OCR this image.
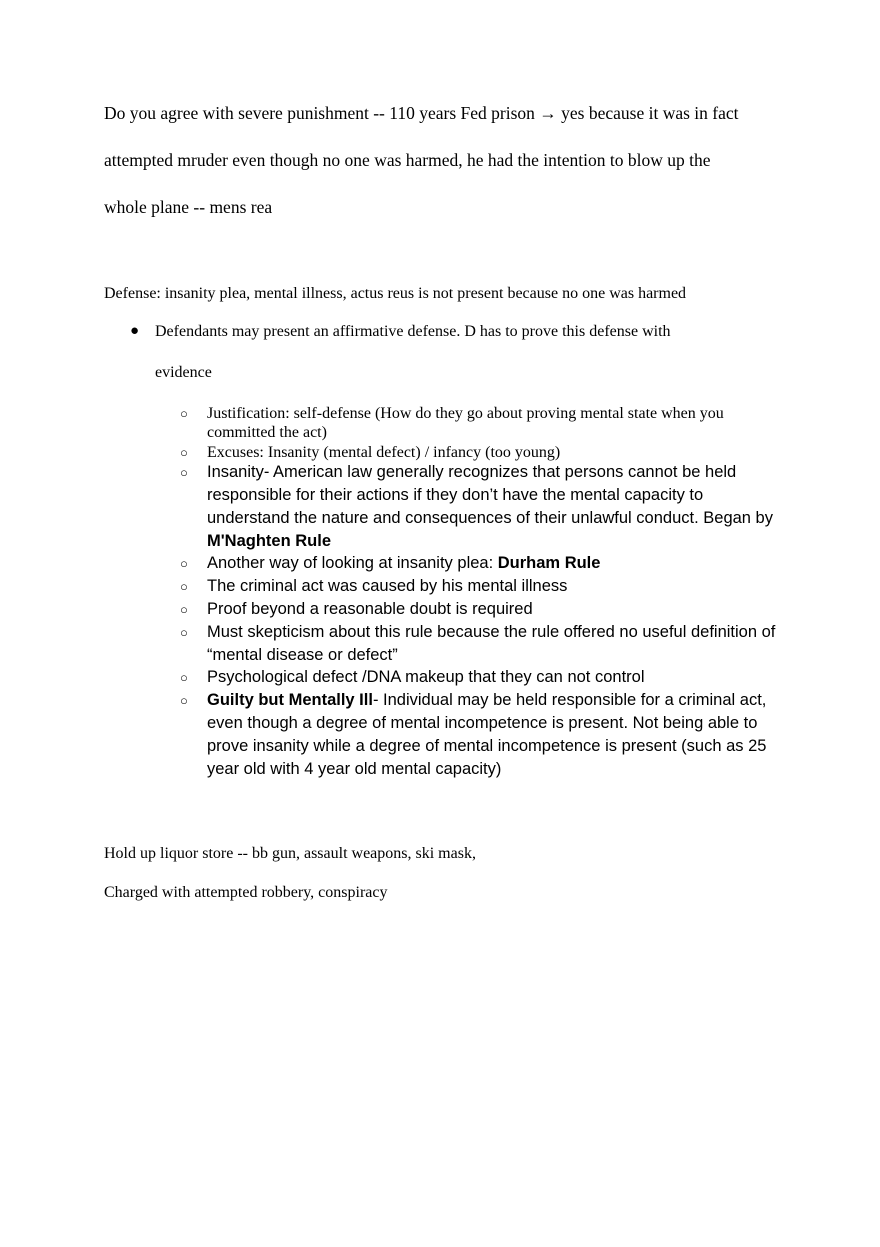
Do you agree with severe punishment -- 110 years Fed prison → yes because it was in fact
attempted mruder even though no one was harmed, he had the intention to blow up the
whole plane -- mens rea
Defense: insanity plea, mental illness, actus reus is not present because no one was harmed
● Defendants may present an affirmative defense. D has to prove this defense with
evidence
○ Justification: self-defense (How do they go about proving mental state when you committed the act)
○ Excuses: Insanity (mental defect) / infancy (too young)
○ Insanity- American law generally recognizes that persons cannot be held responsible for their actions if they don’t have the mental capacity to understand the nature and consequences of their unlawful conduct. Began by M'Naghten Rule
○ Another way of looking at insanity plea: Durham Rule
○ The criminal act was caused by his mental illness
○ Proof beyond a reasonable doubt is required
○ Must skepticism about this rule because the rule offered no useful definition of “mental disease or defect”
○ Psychological defect /DNA makeup that they can not control
○ Guilty but Mentally Ill- Individual may be held responsible for a criminal act, even though a degree of mental incompetence is present. Not being able to prove insanity while a degree of mental incompetence is present (such as 25 year old with 4 year old mental capacity)
Hold up liquor store -- bb gun, assault weapons, ski mask,
Charged with attempted robbery, conspiracy
